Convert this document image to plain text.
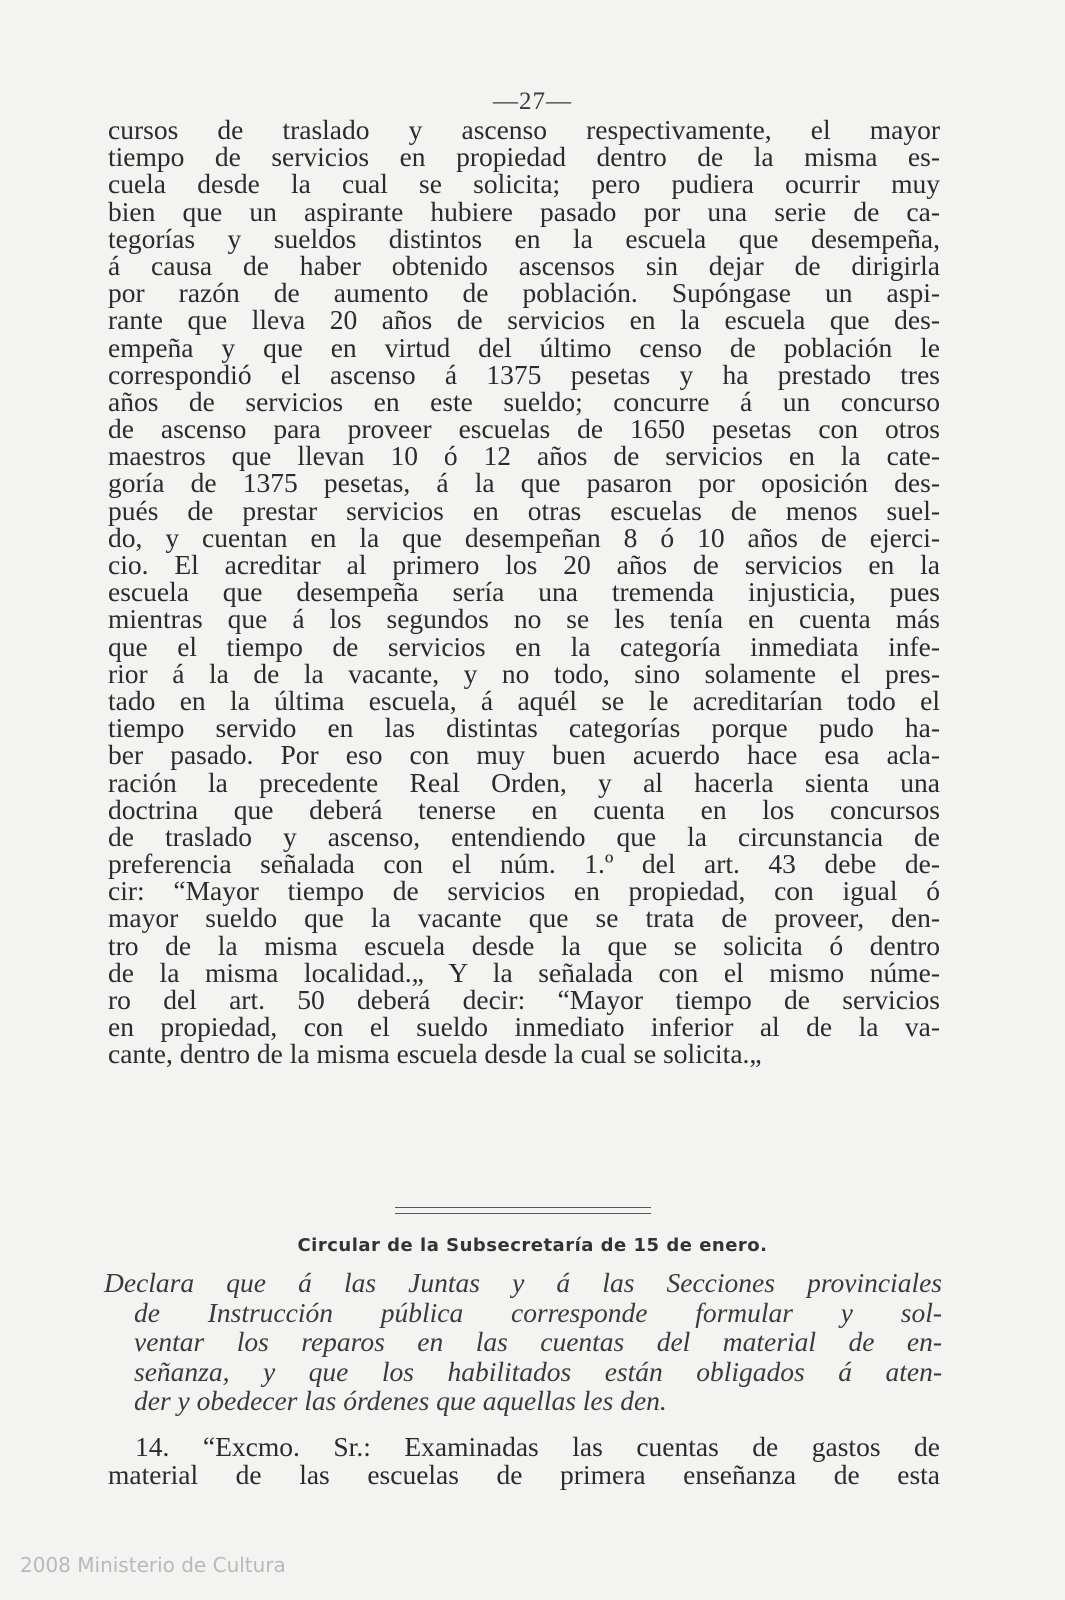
—27—
cursos de traslado y ascenso respectivamente, el mayor
tiempo de servicios en propiedad dentro de la misma es-
cuela desde la cual se solicita; pero pudiera ocurrir muy
bien que un aspirante hubiere pasado por una serie de ca-
tegorías y sueldos distintos en la escuela que desempeña,
á causa de haber obtenido ascensos sin dejar de dirigirla
por razón de aumento de población. Supóngase un aspi-
rante que lleva 20 años de servicios en la escuela que des-
empeña y que en virtud del último censo de población le
correspondió el ascenso á 1375 pesetas y ha prestado tres
años de servicios en este sueldo; concurre á un concurso
de ascenso para proveer escuelas de 1650 pesetas con otros
maestros que llevan 10 ó 12 años de servicios en la cate-
goría de 1375 pesetas, á la que pasaron por oposición des-
pués de prestar servicios en otras escuelas de menos suel-
do, y cuentan en la que desempeñan 8 ó 10 años de ejerci-
cio. El acreditar al primero los 20 años de servicios en la
escuela que desempeña sería una tremenda injusticia, pues
mientras que á los segundos no se les tenía en cuenta más
que el tiempo de servicios en la categoría inmediata infe-
rior á la de la vacante, y no todo, sino solamente el pres-
tado en la última escuela, á aquél se le acreditarían todo el
tiempo servido en las distintas categorías porque pudo ha-
ber pasado. Por eso con muy buen acuerdo hace esa acla-
ración la precedente Real Orden, y al hacerla sienta una
doctrina que deberá tenerse en cuenta en los concursos
de traslado y ascenso, entendiendo que la circunstancia de
preferencia señalada con el núm. 1.º del art. 43 debe de-
cir: “Mayor tiempo de servicios en propiedad, con igual ó
mayor sueldo que la vacante que se trata de proveer, den-
tro de la misma escuela desde la que se solicita ó dentro
de la misma localidad.„ Y la señalada con el mismo núme-
ro del art. 50 deberá decir: “Mayor tiempo de servicios
en propiedad, con el sueldo inmediato inferior al de la va-
cante, dentro de la misma escuela desde la cual se solicita.„
Circular de la Subsecretaría de 15 de enero.
Declara que á las Juntas y á las Secciones provinciales
de Instrucción pública corresponde formular y sol-
ventar los reparos en las cuentas del material de en-
señanza, y que los habilitados están obligados á aten-
der y obedecer las órdenes que aquellas les den.
14. “Excmo. Sr.: Examinadas las cuentas de gastos de
material de las escuelas de primera enseñanza de esta
2008 Ministerio de Cultura
